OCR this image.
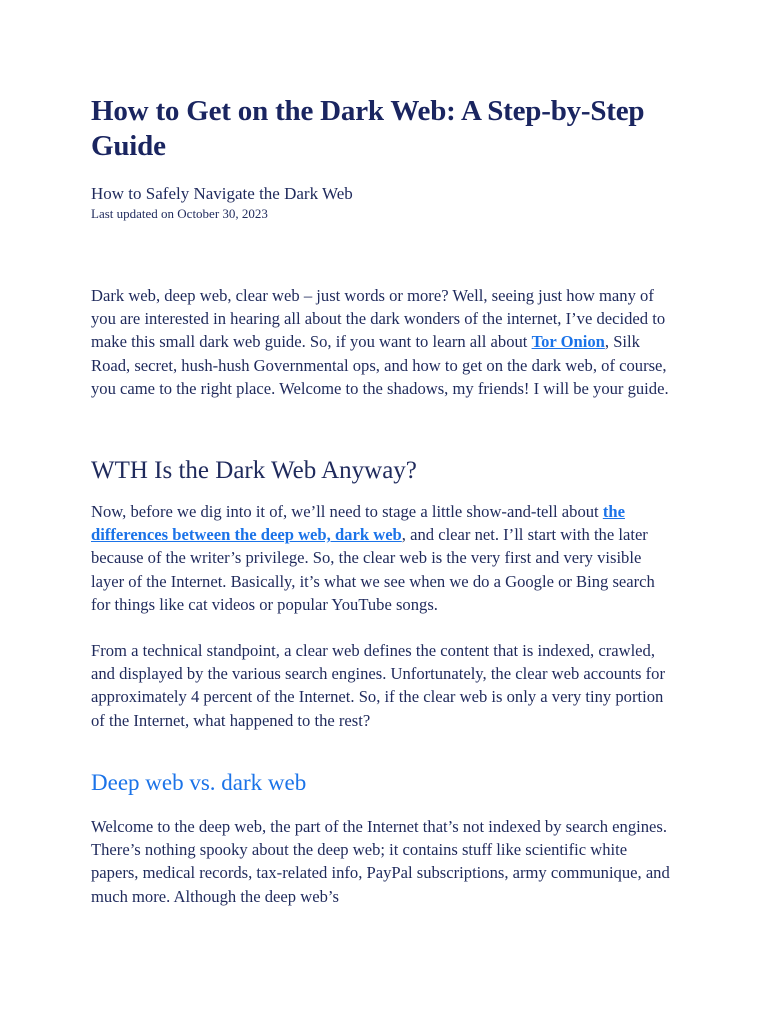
How to Get on the Dark Web: A Step-by-Step Guide

How to Safely Navigate the Dark Web

Last updated on October 30, 2023

Dark web, deep web, clear web – just words or more? Well, seeing just how many of you are interested in hearing all about the dark wonders of the internet, I’ve decided to make this small dark web guide. So, if you want to learn all about Tor Onion, Silk Road, secret, hush-hush Governmental ops, and how to get on the dark web, of course, you came to the right place. Welcome to the shadows, my friends! I will be your guide.

WTH Is the Dark Web Anyway?

Now, before we dig into it of, we’ll need to stage a little show-and-tell about the differences between the deep web, dark web, and clear net. I’ll start with the later because of the writer’s privilege. So, the clear web is the very first and very visible layer of the Internet. Basically, it’s what we see when we do a Google or Bing search for things like cat videos or popular YouTube songs.

From a technical standpoint, a clear web defines the content that is indexed, crawled, and displayed by the various search engines. Unfortunately, the clear web accounts for approximately 4 percent of the Internet. So, if the clear web is only a very tiny portion of the Internet, what happened to the rest?

Deep web vs. dark web

Welcome to the deep web, the part of the Internet that’s not indexed by search engines. There’s nothing spooky about the deep web; it contains stuff like scientific white papers, medical records, tax-related info, PayPal subscriptions, army communique, and much more. Although the deep web’s
